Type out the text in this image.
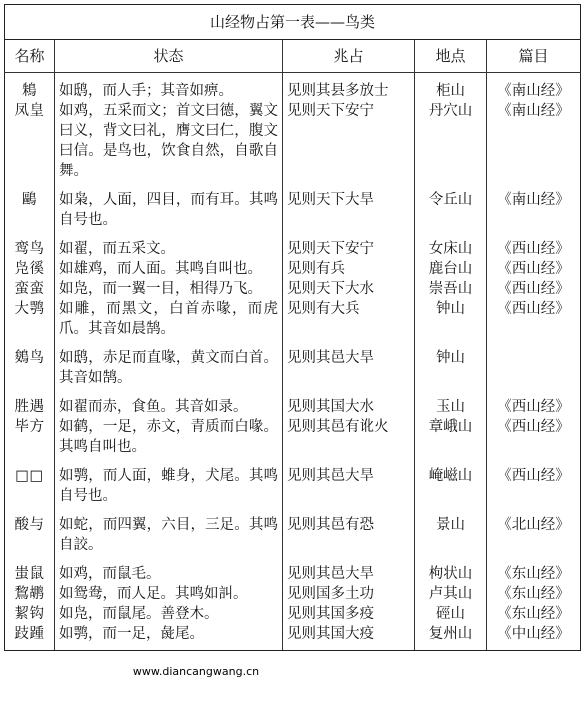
山经物占第一表——鸟类				
名称	状态	兆占	地点	篇目
鴸	如鸱，而人手；其音如痹。	见则其县多放士	柜山	《南山经》
凤皇	如鸡，五采而文；首文曰德，翼文曰义，背文曰礼，膺文曰仁，腹文曰信。是鸟也，饮食自然，自歌自舞。	见则天下安宁	丹穴山	《南山经》
鷗	如枭，人面，四目，而有耳。其鸣自号也。	见则天下大旱	令丘山	《南山经》
鸾鸟	如翟，而五采文。	见则天下安宁	女床山	《西山经》
凫徯	如雄鸡，而人面。其鸣自叫也。	见则有兵	鹿台山	《西山经》
蛮蛮	如凫，而一翼一目，相得乃飞。	见则天下大水	崇吾山	《西山经》
大鹗	如雕，而黑文，白首赤喙，而虎爪。其音如晨鹄。	见则有大兵	钟山	《西山经》
鵕鸟	如鸱，赤足而直喙，黄文而白首。其音如鹄。	见则其邑大旱	钟山	
胜遇	如翟而赤，食鱼。其音如录。	见则其国大水	玉山	《西山经》
毕方	如鹤，一足，赤文，青质而白喙。其鸣自叫也。	见则其邑有讹火	章峨山	《西山经》
□□	如鹗，而人面，蜼身，犬尾。其鸣自号也。	见则其邑大旱	崦嵫山	《西山经》
酸与	如蛇，而四翼，六目，三足。其鸣自詨。	见则其邑有恐	景山	《北山经》
蚩鼠	如鸡，而鼠毛。	见则其邑大旱	枸状山	《东山经》
鵹鹕	如鸳鸯，而人足。其鸣如訆。	见则国多土功	卢其山	《东山经》
絜钩	如凫，而鼠尾。善登木。	见则其国多疫	硜山	《东山经》
跂踵	如鹗，而一足，彘尾。	见则其国大疫	复州山	《中山经》
www.diancangwang.cn
